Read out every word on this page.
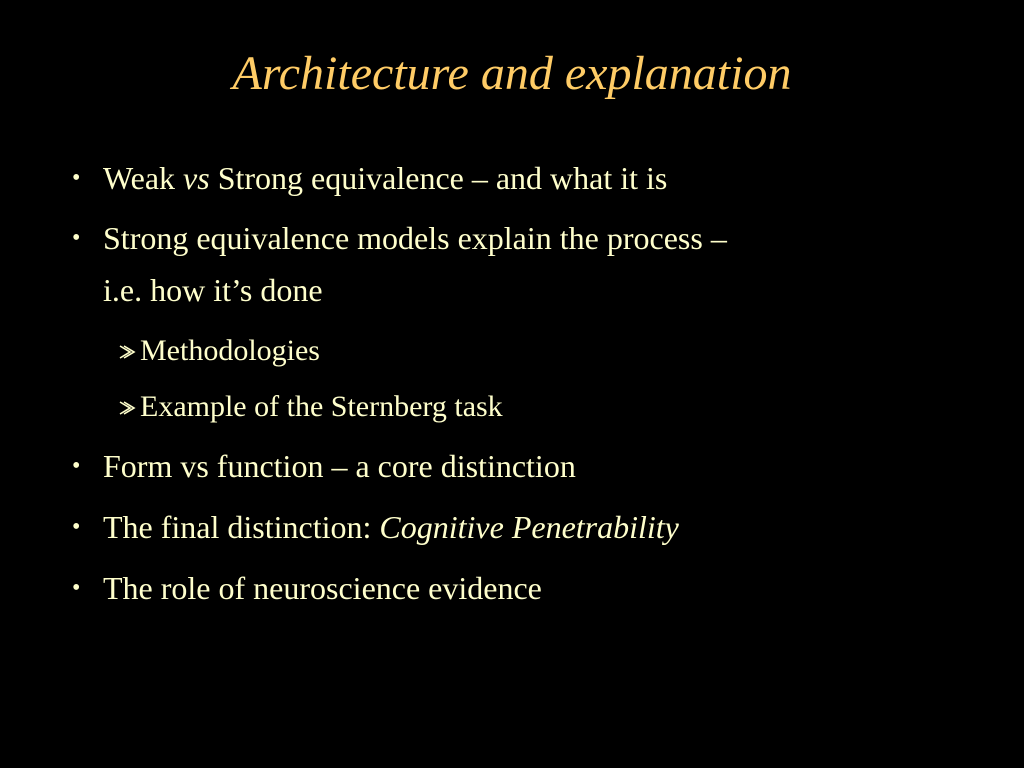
Architecture and explanation
• Weak vs Strong equivalence – and what it is
• Strong equivalence models explain the process –
i.e. how it’s done
Methodologies
Example of the Sternberg task
• Form vs function – a core distinction
• The final distinction: Cognitive Penetrability
• The role of neuroscience evidence
